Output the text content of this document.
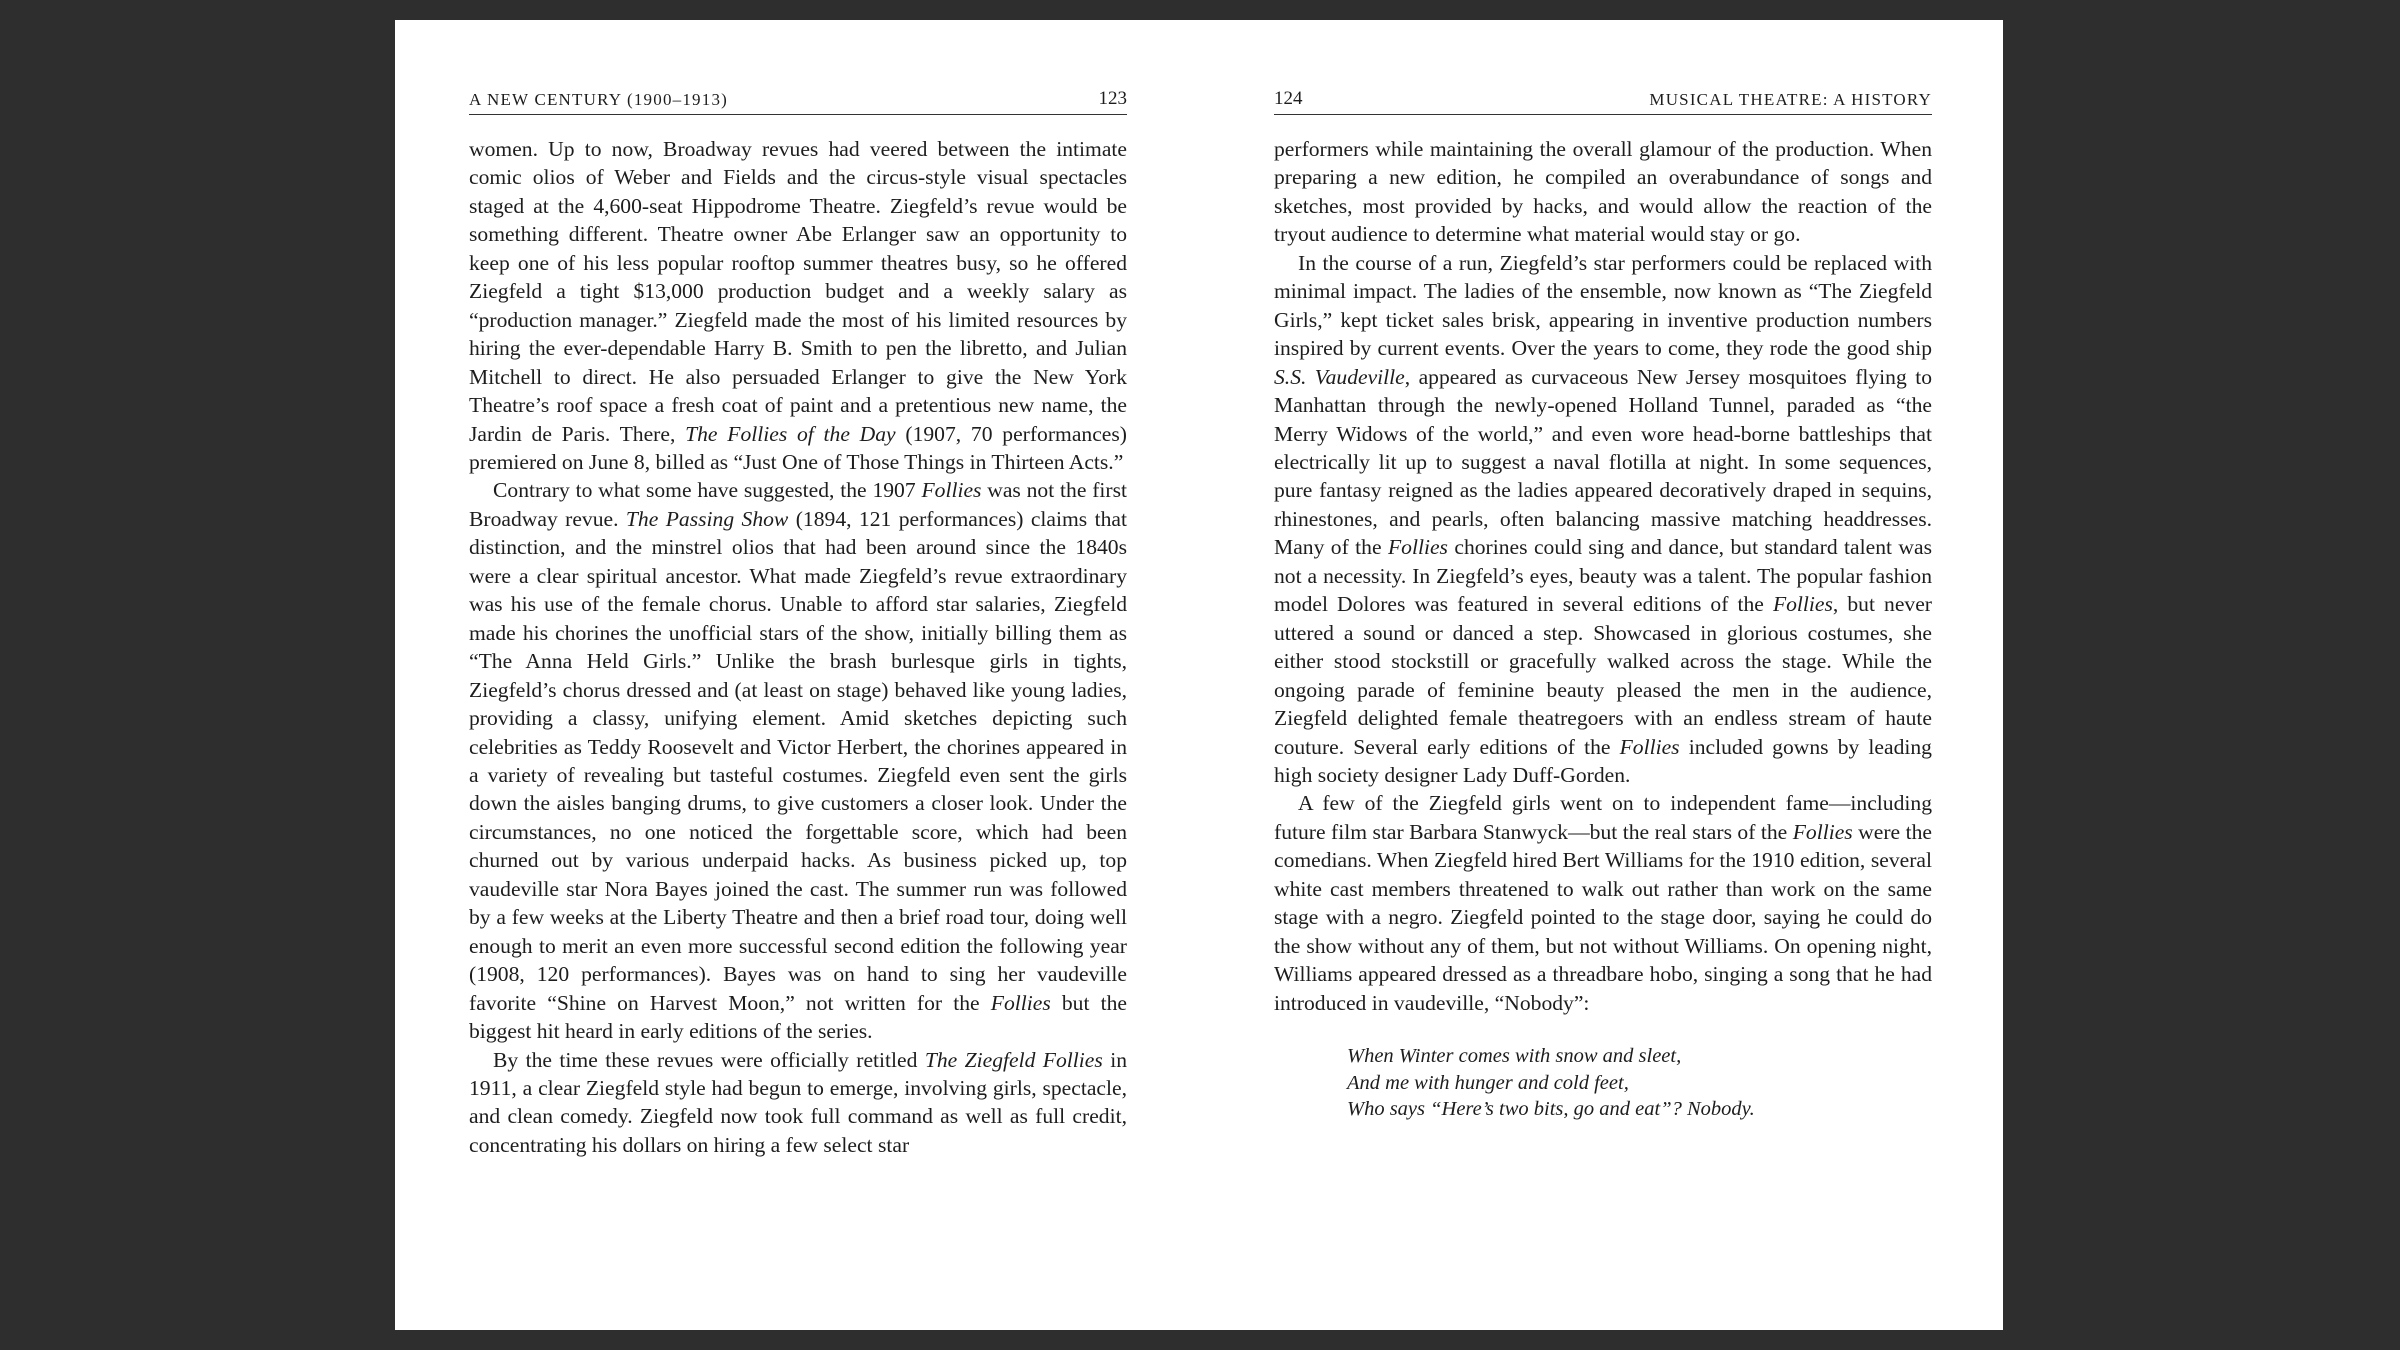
A NEW CENTURY (1900–1913)	123

women. Up to now, Broadway revues had veered between the intimate comic olios of Weber and Fields and the circus-style visual spectacles staged at the 4,600-seat Hippodrome Theatre. Ziegfeld’s revue would be something different. Theatre owner Abe Erlanger saw an opportunity to keep one of his less popular rooftop summer theatres busy, so he offered Ziegfeld a tight $13,000 production budget and a weekly salary as “production manager.” Ziegfeld made the most of his limited resources by hiring the ever-dependable Harry B. Smith to pen the libretto, and Julian Mitchell to direct. He also persuaded Erlanger to give the New York Theatre’s roof space a fresh coat of paint and a pretentious new name, the Jardin de Paris. There, The Follies of the Day (1907, 70 performances) premiered on June 8, billed as “Just One of Those Things in Thirteen Acts.”

Contrary to what some have suggested, the 1907 Follies was not the first Broadway revue. The Passing Show (1894, 121 performances) claims that distinction, and the minstrel olios that had been around since the 1840s were a clear spiritual ancestor. What made Ziegfeld’s revue extraordinary was his use of the female chorus. Unable to afford star salaries, Ziegfeld made his chorines the unofficial stars of the show, initially billing them as “The Anna Held Girls.” Unlike the brash burlesque girls in tights, Ziegfeld’s chorus dressed and (at least on stage) behaved like young ladies, providing a classy, unifying element. Amid sketches depicting such celebrities as Teddy Roosevelt and Victor Herbert, the chorines appeared in a variety of revealing but tasteful costumes. Ziegfeld even sent the girls down the aisles banging drums, to give customers a closer look. Under the circumstances, no one noticed the forgettable score, which had been churned out by various underpaid hacks. As business picked up, top vaudeville star Nora Bayes joined the cast. The summer run was followed by a few weeks at the Liberty Theatre and then a brief road tour, doing well enough to merit an even more successful second edition the following year (1908, 120 performances). Bayes was on hand to sing her vaudeville favorite “Shine on Harvest Moon,” not written for the Follies but the biggest hit heard in early editions of the series.

By the time these revues were officially retitled The Ziegfeld Follies in 1911, a clear Ziegfeld style had begun to emerge, involving girls, spectacle, and clean comedy. Ziegfeld now took full command as well as full credit, concentrating his dollars on hiring a few select star

124	MUSICAL THEATRE: A HISTORY

performers while maintaining the overall glamour of the production. When preparing a new edition, he compiled an overabundance of songs and sketches, most provided by hacks, and would allow the reaction of the tryout audience to determine what material would stay or go.

In the course of a run, Ziegfeld’s star performers could be replaced with minimal impact. The ladies of the ensemble, now known as “The Ziegfeld Girls,” kept ticket sales brisk, appearing in inventive production numbers inspired by current events. Over the years to come, they rode the good ship S.S. Vaudeville, appeared as curvaceous New Jersey mosquitoes flying to Manhattan through the newly-opened Holland Tunnel, paraded as “the Merry Widows of the world,” and even wore head-borne battleships that electrically lit up to suggest a naval flotilla at night. In some sequences, pure fantasy reigned as the ladies appeared decoratively draped in sequins, rhinestones, and pearls, often balancing massive matching headdresses. Many of the Follies chorines could sing and dance, but standard talent was not a necessity. In Ziegfeld’s eyes, beauty was a talent. The popular fashion model Dolores was featured in several editions of the Follies, but never uttered a sound or danced a step. Showcased in glorious costumes, she either stood stockstill or gracefully walked across the stage. While the ongoing parade of feminine beauty pleased the men in the audience, Ziegfeld delighted female theatregoers with an endless stream of haute couture. Several early editions of the Follies included gowns by leading high society designer Lady Duff-Gorden.

A few of the Ziegfeld girls went on to independent fame—including future film star Barbara Stanwyck—but the real stars of the Follies were the comedians. When Ziegfeld hired Bert Williams for the 1910 edition, several white cast members threatened to walk out rather than work on the same stage with a negro. Ziegfeld pointed to the stage door, saying he could do the show without any of them, but not without Williams. On opening night, Williams appeared dressed as a threadbare hobo, singing a song that he had introduced in vaudeville, “Nobody”:

When Winter comes with snow and sleet,
And me with hunger and cold feet,
Who says “Here’s two bits, go and eat”? Nobody.
